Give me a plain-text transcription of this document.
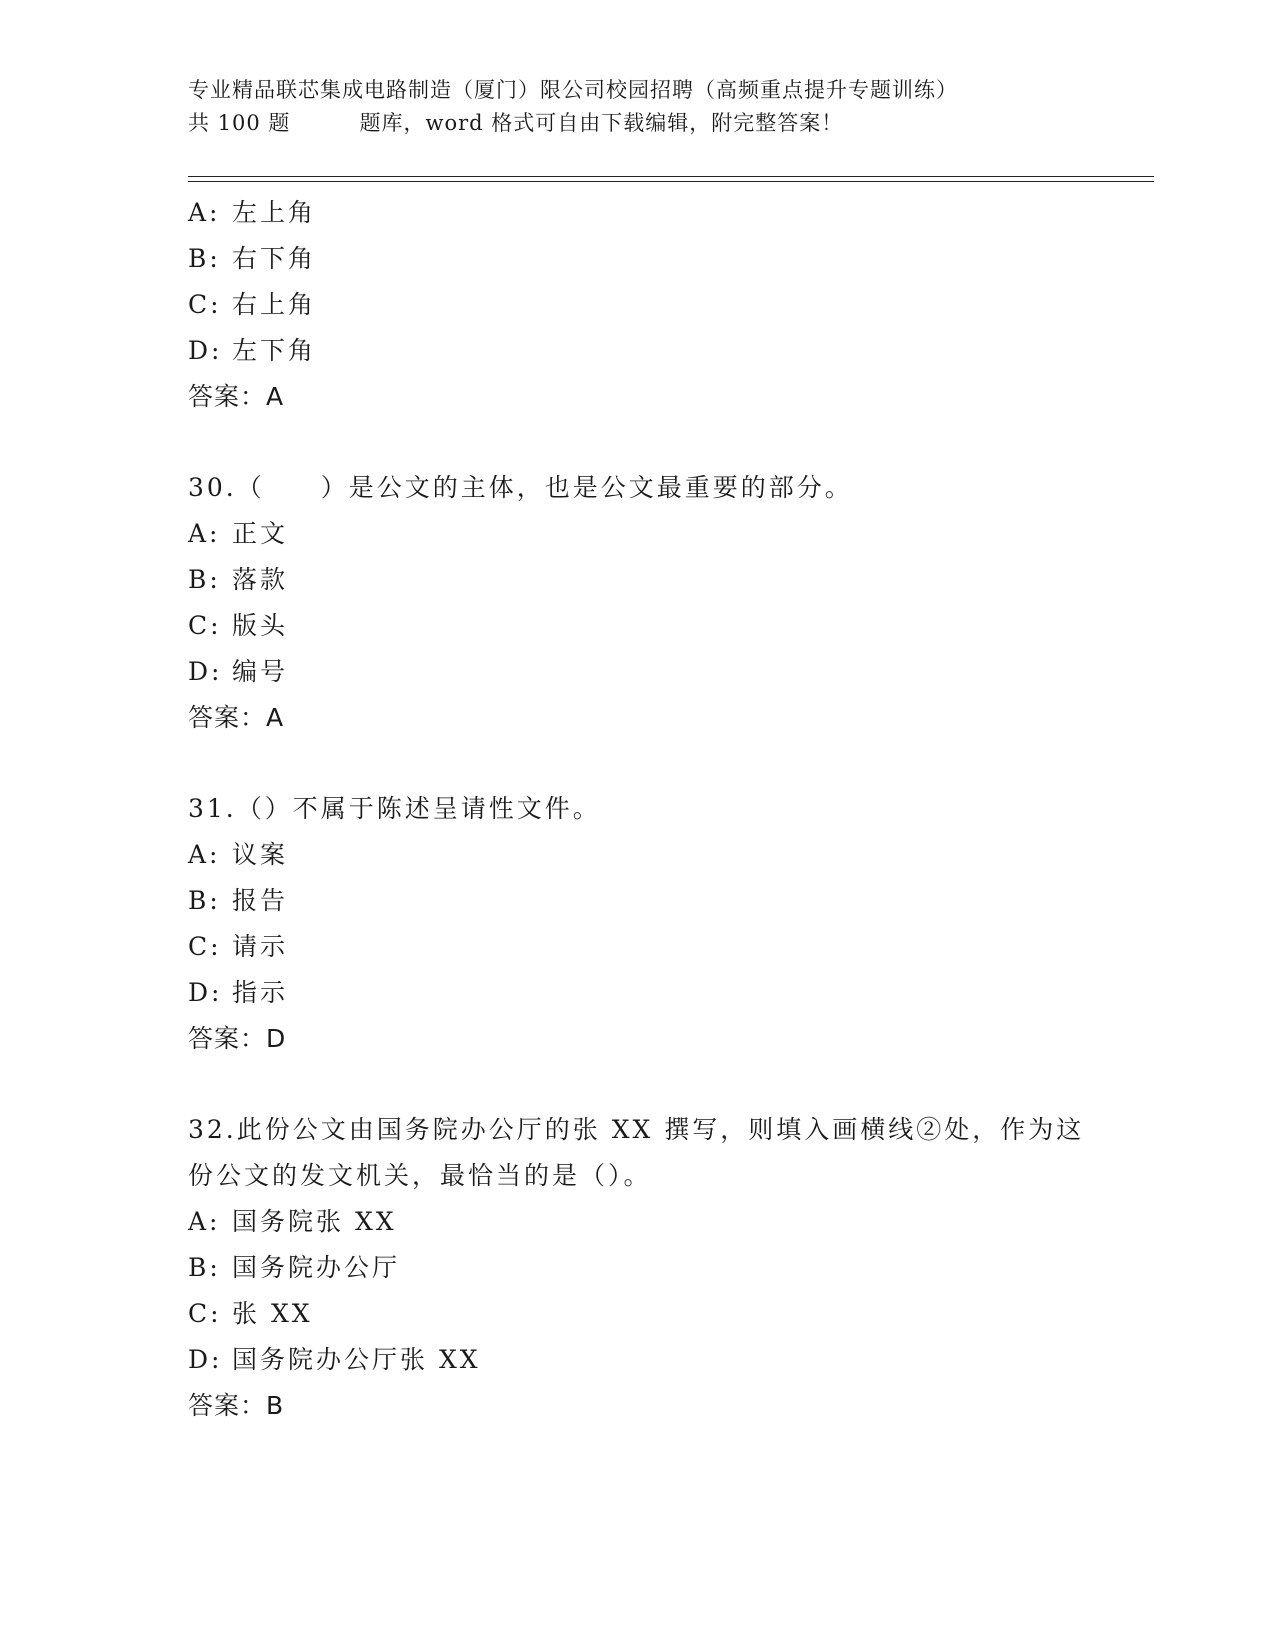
专业精品联芯集成电路制造（厦门）限公司校园招聘（高频重点提升专题训练）
共 100 题         题库，word 格式可自由下载编辑，附完整答案！
A: 左上角
B: 右下角
C: 右上角
D: 左下角
答案：A
30.（　　）是公文的主体，也是公文最重要的部分。
A: 正文
B: 落款
C: 版头
D: 编号
答案：A
31.（）不属于陈述呈请性文件。
A: 议案
B: 报告
C: 请示
D: 指示
答案：D
32.此份公文由国务院办公厅的张 XX 撰写，则填入画横线②处，作为这份公文的发文机关，最恰当的是（）。
A: 国务院张 XX
B: 国务院办公厅
C: 张 XX
D: 国务院办公厅张 XX
答案：B
